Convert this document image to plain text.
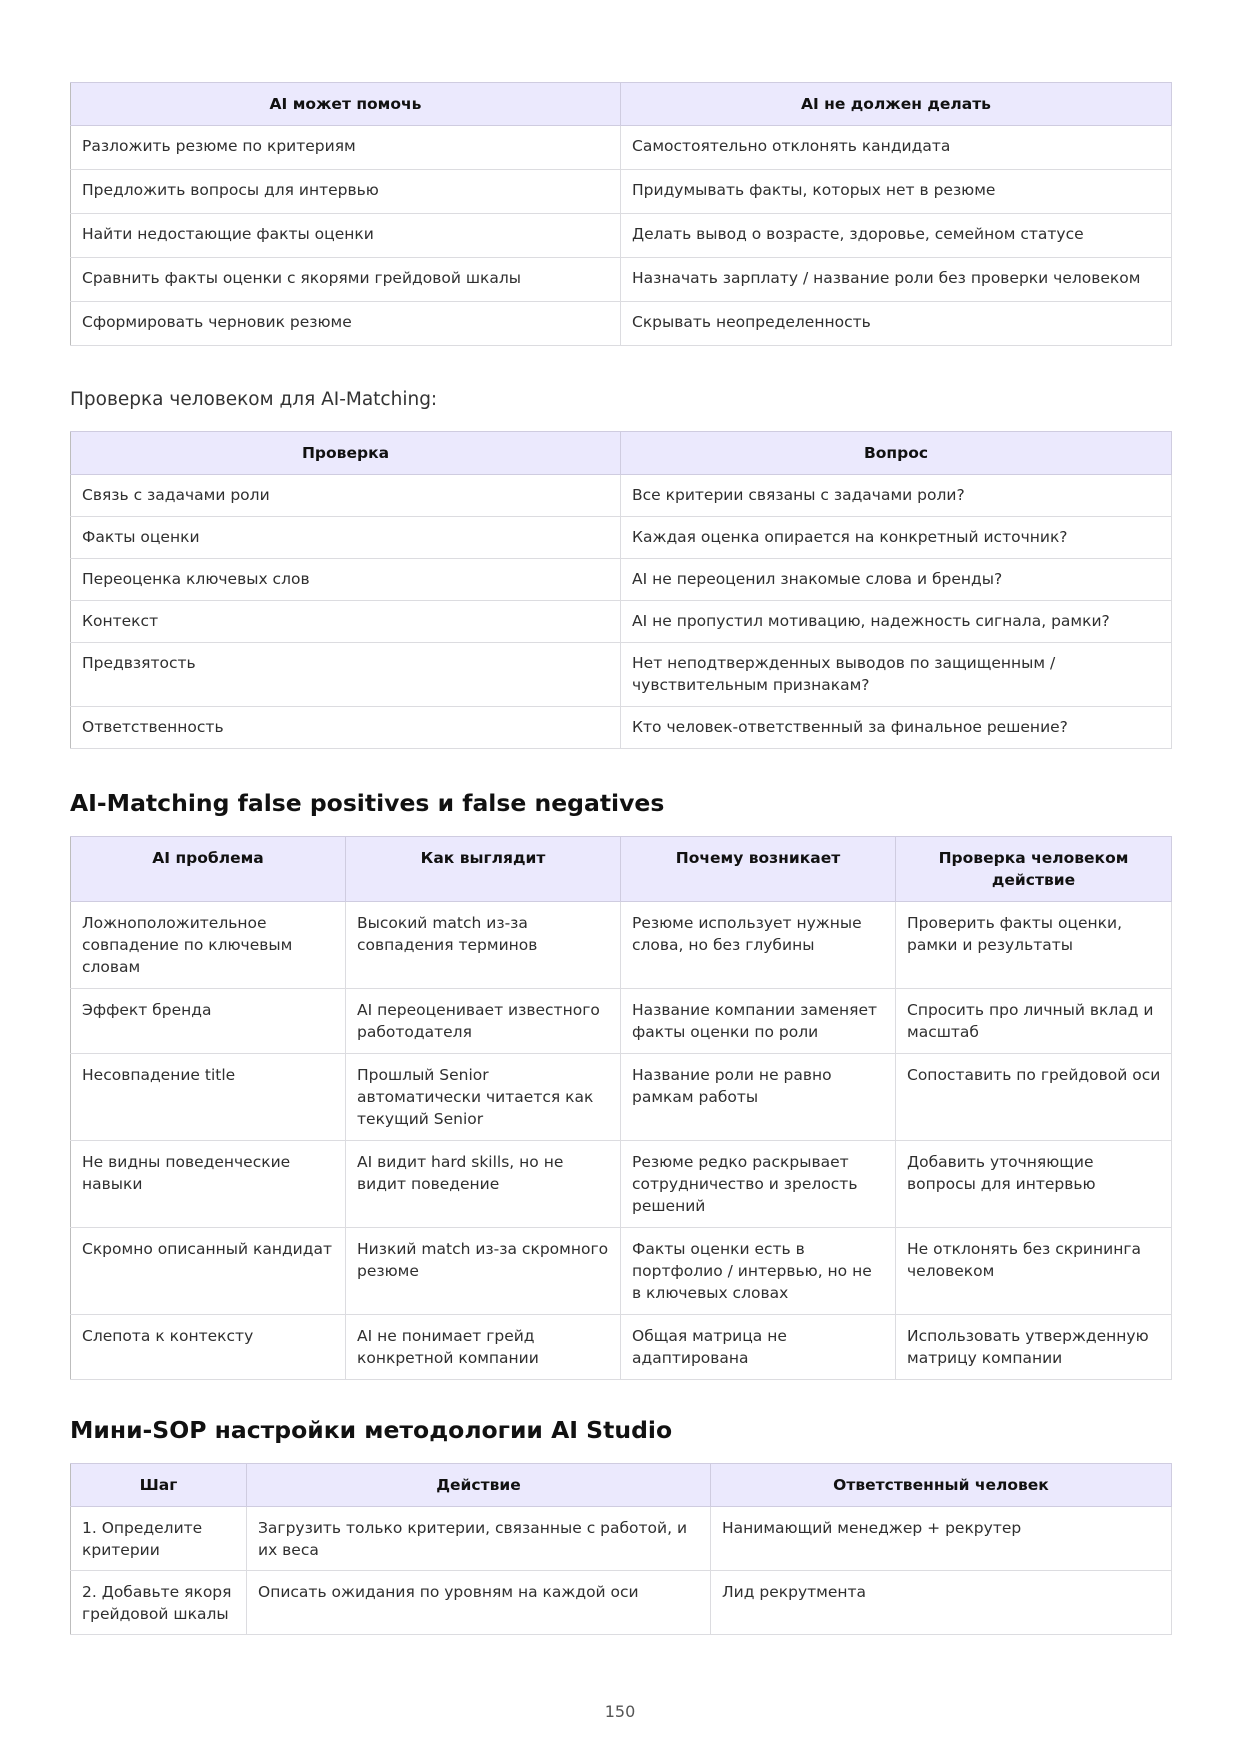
AI может помочь	AI не должен делать
Разложить резюме по критериям	Самостоятельно отклонять кандидата
Предложить вопросы для интервью	Придумывать факты, которых нет в резюме
Найти недостающие факты оценки	Делать вывод о возрасте, здоровье, семейном статусе
Сравнить факты оценки с якорями грейдовой шкалы	Назначать зарплату / название роли без проверки человеком
Сформировать черновик резюме	Скрывать неопределенность
Проверка человеком для AI-Matching:
Проверка	Вопрос
Связь с задачами роли	Все критерии связаны с задачами роли?
Факты оценки	Каждая оценка опирается на конкретный источник?
Переоценка ключевых слов	AI не переоценил знакомые слова и бренды?
Контекст	AI не пропустил мотивацию, надежность сигнала, рамки?
Предвзятость	Нет неподтвержденных выводов по защищенным / чувствительным признакам?
Ответственность	Кто человек-ответственный за финальное решение?
AI-Matching false positives и false negatives
AI проблема	Как выглядит	Почему возникает	Проверка человеком действие
Ложноположительное совпадение по ключевым словам	Высокий match из-за совпадения терминов	Резюме использует нужные слова, но без глубины	Проверить факты оценки, рамки и результаты
Эффект бренда	AI переоценивает известного работодателя	Название компании заменяет факты оценки по роли	Спросить про личный вклад и масштаб
Несовпадение title	Прошлый Senior автоматически читается как текущий Senior	Название роли не равно рамкам работы	Сопоставить по грейдовой оси
Не видны поведенческие навыки	AI видит hard skills, но не видит поведение	Резюме редко раскрывает сотрудничество и зрелость решений	Добавить уточняющие вопросы для интервью
Скромно описанный кандидат	Низкий match из-за скромного резюме	Факты оценки есть в портфолио / интервью, но не в ключевых словах	Не отклонять без скрининга человеком
Слепота к контексту	AI не понимает грейд конкретной компании	Общая матрица не адаптирована	Использовать утвержденную матрицу компании
Мини-SOP настройки методологии AI Studio
Шаг	Действие	Ответственный человек
1. Определите критерии	Загрузить только критерии, связанные с работой, и их веса	Нанимающий менеджер + рекрутер
2. Добавьте якоря грейдовой шкалы	Описать ожидания по уровням на каждой оси	Лид рекрутмента
150
